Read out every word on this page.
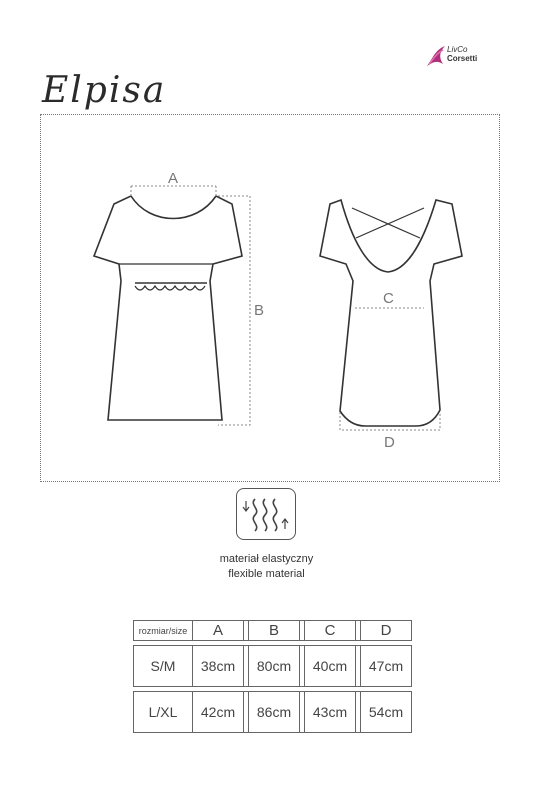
LivCo
Corsetti
Elpisa
A
B
C
D
materiał elastyczny
flexible material
rozmiar/size	A		B		C		D

S/M	38cm		80cm		40cm		47cm

L/XL	42cm		86cm		43cm		54cm
